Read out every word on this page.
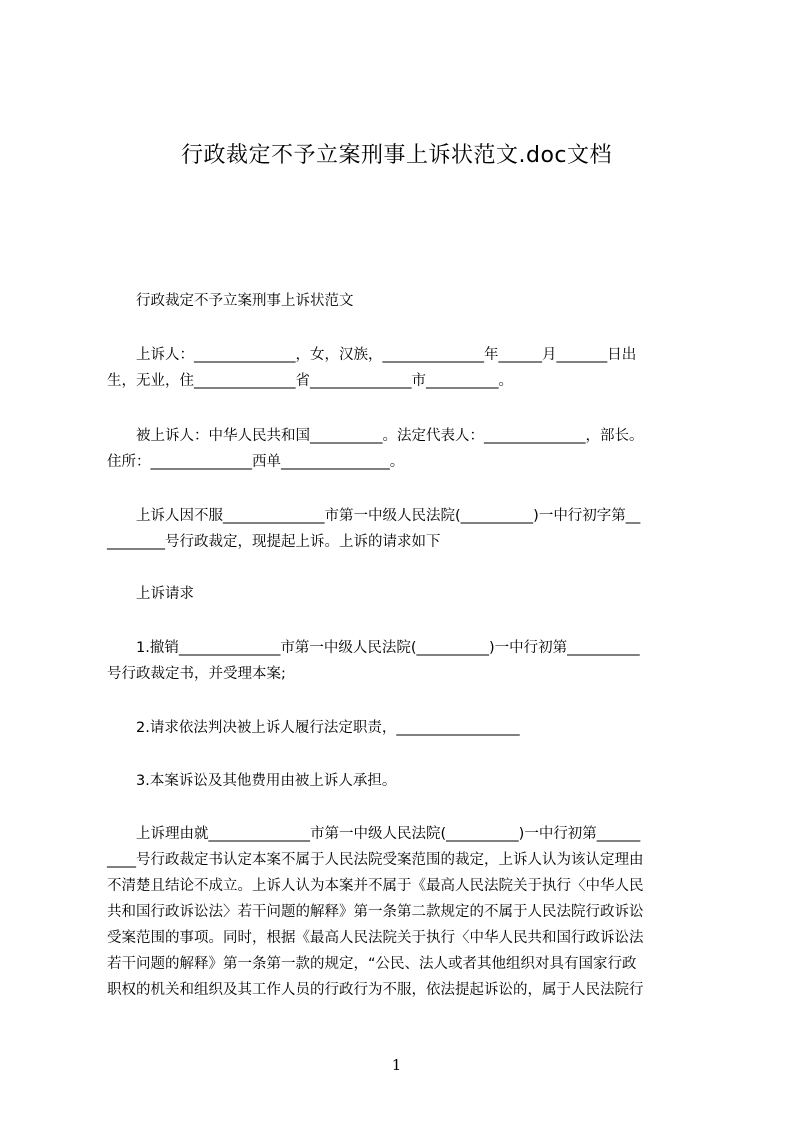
行政裁定不予立案刑事上诉状范文.doc文档
行政裁定不予立案刑事上诉状范文
上诉人：______________，女，汉族，______________年______月_______日出
生，无业，住______________省______________市__________。
被上诉人：中华人民共和国__________。法定代表人：______________，部长。
住所：______________西单_______________。
上诉人因不服______________市第一中级人民法院(__________)一中行初字第__
________号行政裁定，现提起上诉。上诉的请求如下
上诉请求
1.撤销______________市第一中级人民法院(__________)一中行初第__________
号行政裁定书，并受理本案;
2.请求依法判决被上诉人履行法定职责，_________________
3.本案诉讼及其他费用由被上诉人承担。
上诉理由就______________市第一中级人民法院(__________)一中行初第______
____号行政裁定书认定本案不属于人民法院受案范围的裁定，上诉人认为该认定理由
不清楚且结论不成立。上诉人认为本案并不属于《最高人民法院关于执行〈中华人民
共和国行政诉讼法〉若干问题的解释》第一条第二款规定的不属于人民法院行政诉讼
受案范围的事项。同时，根据《最高人民法院关于执行〈中华人民共和国行政诉讼法
若干问题的解释》第一条第一款的规定，“公民、法人或者其他组织对具有国家行政
职权的机关和组织及其工作人员的行政行为不服，依法提起诉讼的，属于人民法院行
1
